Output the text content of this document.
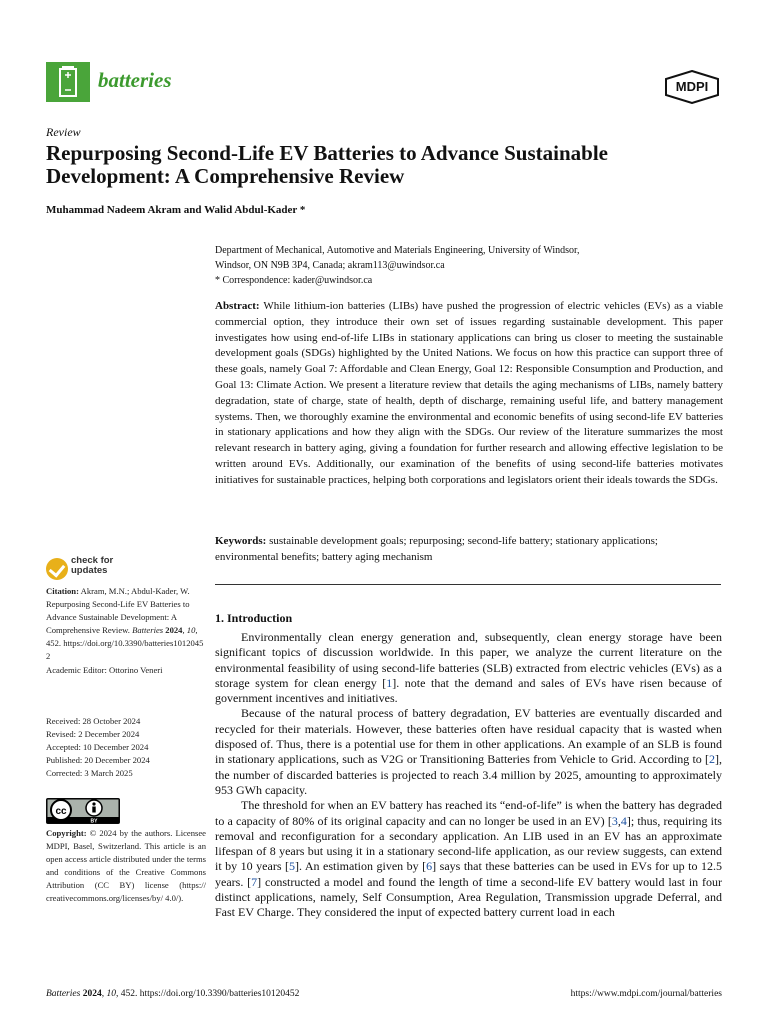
batteries	MDPI
Review
Repurposing Second-Life EV Batteries to Advance Sustainable Development: A Comprehensive Review
Muhammad Nadeem Akram and Walid Abdul-Kader *
Department of Mechanical, Automotive and Materials Engineering, University of Windsor,
Windsor, ON N9B 3P4, Canada; akram113@uwindsor.ca
* Correspondence: kader@uwindsor.ca
Abstract: While lithium-ion batteries (LIBs) have pushed the progression of electric vehicles (EVs) as a viable commercial option, they introduce their own set of issues regarding sustainable development. This paper investigates how using end-of-life LIBs in stationary applications can bring us closer to meeting the sustainable development goals (SDGs) highlighted by the United Nations. We focus on how this practice can support three of these goals, namely Goal 7: Affordable and Clean Energy, Goal 12: Responsible Consumption and Production, and Goal 13: Climate Action. We present a literature review that details the aging mechanisms of LIBs, namely battery degradation, state of charge, state of health, depth of discharge, remaining useful life, and battery management systems. Then, we thoroughly examine the environmental and economic benefits of using second-life EV batteries in stationary applications and how they align with the SDGs. Our review of the literature summarizes the most relevant research in battery aging, giving a foundation for further research and allowing effective legislation to be written around EVs. Additionally, our examination of the benefits of using second-life batteries motivates initiatives for sustainable practices, helping both corporations and legislators orient their ideals towards the SDGs.
Keywords: sustainable development goals; repurposing; second-life battery; stationary applications; environmental benefits; battery aging mechanism
check for
updates
Citation: Akram, M.N.; Abdul-Kader, W. Repurposing Second-Life EV Batteries to Advance Sustainable Development: A Comprehensive Review. Batteries 2024, 10, 452. https://doi.org/10.3390/batteries10120452
Academic Editor: Ottorino Veneri
Received: 28 October 2024
Revised: 2 December 2024
Accepted: 10 December 2024
Published: 20 December 2024
Corrected: 3 March 2025
cc
BY
Copyright: © 2024 by the authors. Licensee MDPI, Basel, Switzerland. This article is an open access article distributed under the terms and conditions of the Creative Commons Attribution (CC BY) license (https:// creativecommons.org/licenses/by/ 4.0/).
1. Introduction

Environmentally clean energy generation and, subsequently, clean energy storage have been significant topics of discussion worldwide. In this paper, we analyze the current literature on the environmental feasibility of using second-life batteries (SLB) extracted from electric vehicles (EVs) as a storage system for clean energy [1]. note that the demand and sales of EVs have risen because of government incentives and initiatives.

Because of the natural process of battery degradation, EV batteries are eventually discarded and recycled for their materials. However, these batteries often have residual capacity that is wasted when disposed of. Thus, there is a potential use for them in other applications. An example of an SLB is found in stationary applications, such as V2G or Transitioning Batteries from Vehicle to Grid. According to [2], the number of discarded batteries is projected to reach 3.4 million by 2025, amounting to approximately 953 GWh capacity.

The threshold for when an EV battery has reached its “end-of-life” is when the battery has degraded to a capacity of 80% of its original capacity and can no longer be used in an EV) [3,4]; thus, requiring its removal and reconfiguration for a secondary application. An LIB used in an EV has an approximate lifespan of 8 years but using it in a stationary second-life application, as our review suggests, can extend it by 10 years [5]. An estimation given by [6] says that these batteries can be used in EVs for up to 12.5 years. [7] constructed a model and found the length of time a second-life EV battery would last in four distinct applications, namely, Self Consumption, Area Regulation, Transmission upgrade Deferral, and Fast EV Charge. They considered the input of expected battery current load in each

Batteries 2024, 10, 452. https://doi.org/10.3390/batteries10120452	https://www.mdpi.com/journal/batteries
